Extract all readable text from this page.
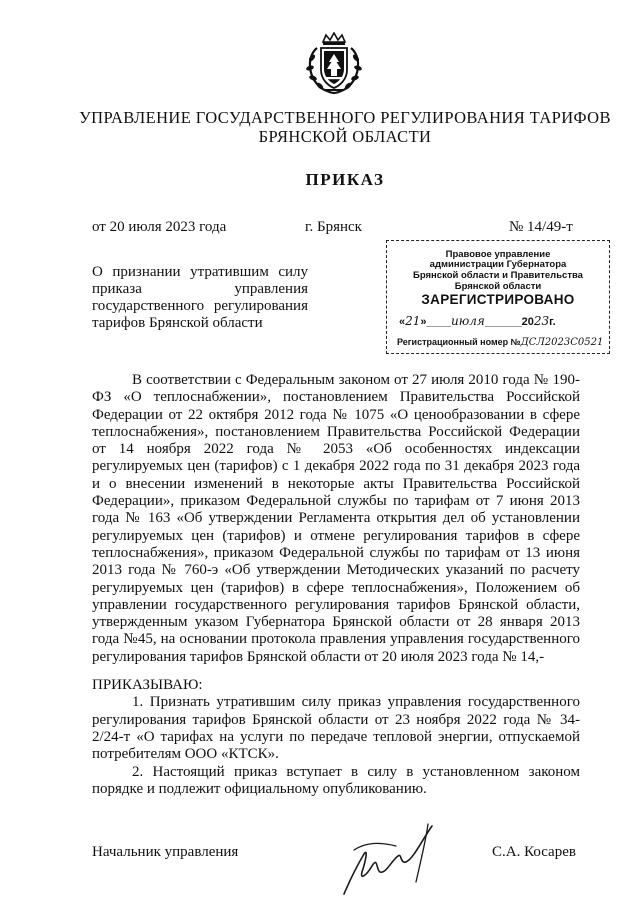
УПРАВЛЕНИЕ ГОСУДАРСТВЕННОГО РЕГУЛИРОВАНИЯ ТАРИФОВ
БРЯНСКОЙ ОБЛАСТИ
ПРИКАЗ
от 20 июля 2023 года	г. Брянск	№ 14/49-т

О признании утратившим силу

приказа управления

государственного регулирования

тарифов Брянской области

Правовое управление
администрации Губернатора
Брянской области и Правительства
Брянской области
ЗАРЕГИСТРИРОВАНО
«21»____июля______2023г.
Регистрационный номер №ДСЛ2023С0521

В соответствии с Федеральным законом от 27 июля 2010 года № 190-ФЗ «О теплоснабжении», постановлением Правительства Российской Федерации от 22 октября 2012 года № 1075 «О ценообразовании в сфере теплоснабжения», постановлением Правительства Российской Федерации от 14 ноября 2022 года № 2053 «Об особенностях индексации регулируемых цен (тарифов) с 1 декабря 2022 года по 31 декабря 2023 года и о внесении изменений в некоторые акты Правительства Российской Федерации», приказом Федеральной службы по тарифам от 7 июня 2013 года № 163 «Об утверждении Регламента открытия дел об установлении регулируемых цен (тарифов) и отмене регулирования тарифов в сфере теплоснабжения», приказом Федеральной службы по тарифам от 13 июня 2013 года № 760-э «Об утверждении Методических указаний по расчету регулируемых цен (тарифов) в сфере теплоснабжения», Положением об управлении государственного регулирования тарифов Брянской области, утвержденным указом Губернатора Брянской области от 28 января 2013 года №45, на основании протокола правления управления государственного регулирования тарифов Брянской области от 20 июля 2023 года № 14,-

ПРИКАЗЫВАЮ:

1. Признать утратившим силу приказ управления государственного регулирования тарифов Брянской области от 23 ноября 2022 года № 34-2/24-т «О тарифах на услуги по передаче тепловой энергии, отпускаемой потребителям ООО «КТСК».

2. Настоящий приказ вступает в силу в установленном законом порядке и подлежит официальному опубликованию.

Начальник управления	С.А. Косарев
